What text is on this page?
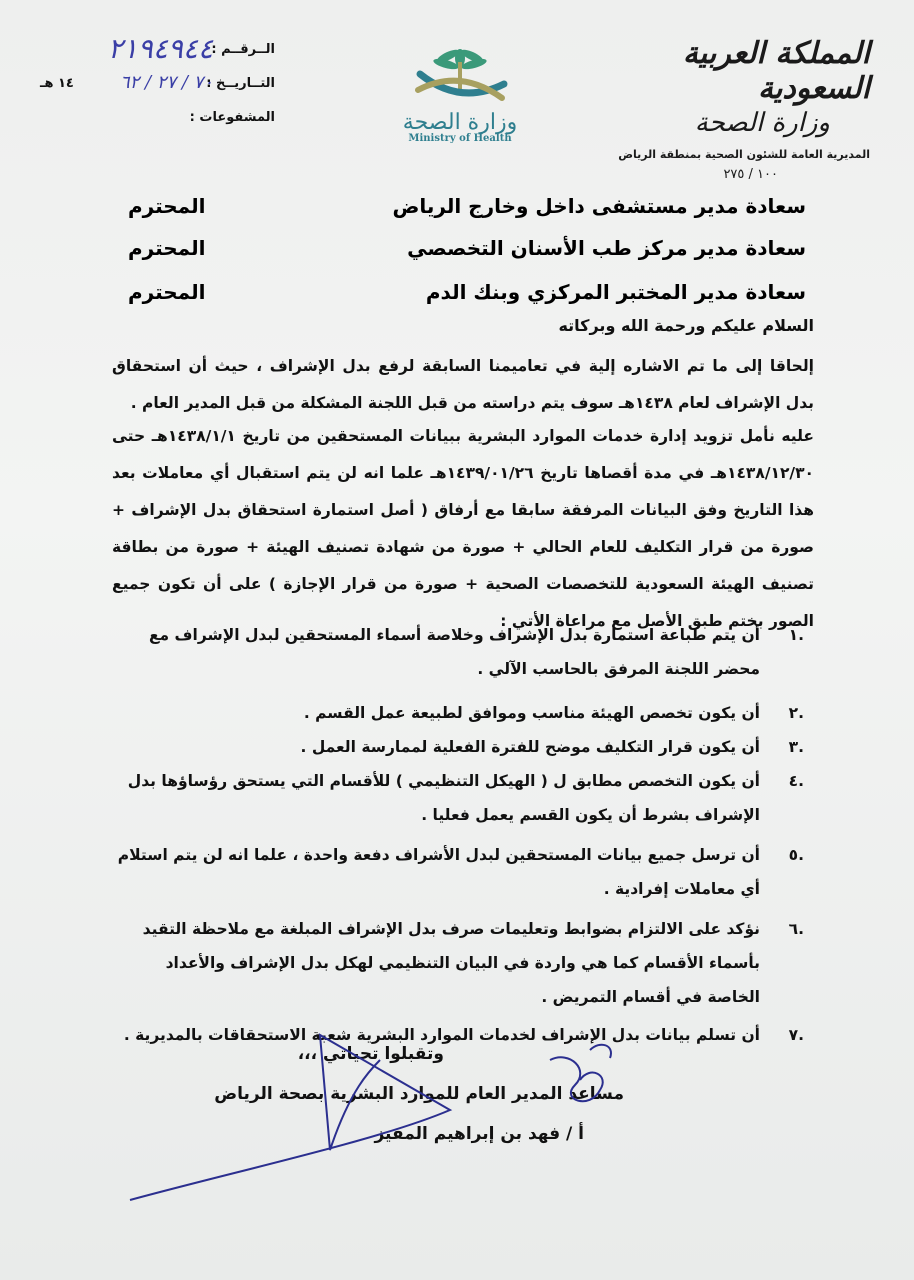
المملكة العربية السعودية
وزارة الصحة
المديرية العامة للشئون الصحية بمنطقة الرياض
١٠٠ / ٢٧٥
وزارة الصحة
Ministry of Health
الــرقــم :
٢١٩٤٩٤٤
التــاريــخ :
٧٠ / ٢٧ / ٦٢
١٤ هـ
المشفوعات :
سعادة مدير مستشفى داخل وخارج الرياض
المحترم
سعادة مدير مركز طب الأسنان التخصصي
المحترم
سعادة مدير المختبر المركزي وبنك الدم
المحترم
السلام عليكم ورحمة الله وبركاته
إلحاقا إلى ما تم الاشاره إلية في تعاميمنا السابقة لرفع بدل الإشراف ، حيث أن استحقاق بدل الإشراف لعام ١٤٣٨هـ سوف يتم دراسته من قبل اللجنة المشكلة من قبل المدير العام .
عليه نأمل تزويد إدارة خدمات الموارد البشرية ببيانات المستحقين من تاريخ ١٤٣٨/١/١هـ حتى ١٤٣٨/١٢/٣٠هـ في مدة أقصاها تاريخ ١٤٣٩/٠١/٢٦هـ علما انه لن يتم استقبال أي معاملات بعد هذا التاريخ وفق البيانات المرفقة سابقا مع أرفاق ( أصل استمارة استحقاق بدل الإشراف + صورة من قرار التكليف للعام الحالي + صورة من شهادة تصنيف الهيئة + صورة من بطاقة تصنيف الهيئة السعودية للتخصصات الصحية + صورة من قرار الإجازة ) على أن تكون جميع الصور بختم طبق الأصل مع مراعاة الأتي :
.١
أن يتم طباعة استمارة بدل الإشراف وخلاصة أسماء المستحقين لبدل الإشراف مع محضر اللجنة المرفق بالحاسب الآلي .
.٢
أن يكون تخصص الهيئة مناسب وموافق لطبيعة عمل القسم .
.٣
أن يكون قرار التكليف موضح للفترة الفعلية لممارسة العمل .
.٤
أن يكون التخصص مطابق ل ( الهيكل التنظيمي ) للأقسام التي يستحق رؤساؤها بدل الإشراف بشرط أن يكون القسم يعمل فعليا .
.٥
أن ترسل جميع بيانات المستحقين لبدل الأشراف دفعة واحدة ، علما انه لن يتم استلام أي معاملات إفرادية .
.٦
نؤكد على الالتزام بضوابط وتعليمات صرف بدل الإشراف المبلغة مع ملاحظة التقيد بأسماء الأقسام كما هي واردة في البيان التنظيمي لهكل بدل الإشراف والأعداد الخاصة في أقسام التمريض .
.٧
أن تسلم بيانات بدل الإشراف لخدمات الموارد البشرية شعبة الاستحقاقات بالمديرية .
وتقبلوا تحياتي ،،،
مساعد المدير العام للموارد البشرية بصحة الرياض
أ / فهد بن إبراهيم المفيز
